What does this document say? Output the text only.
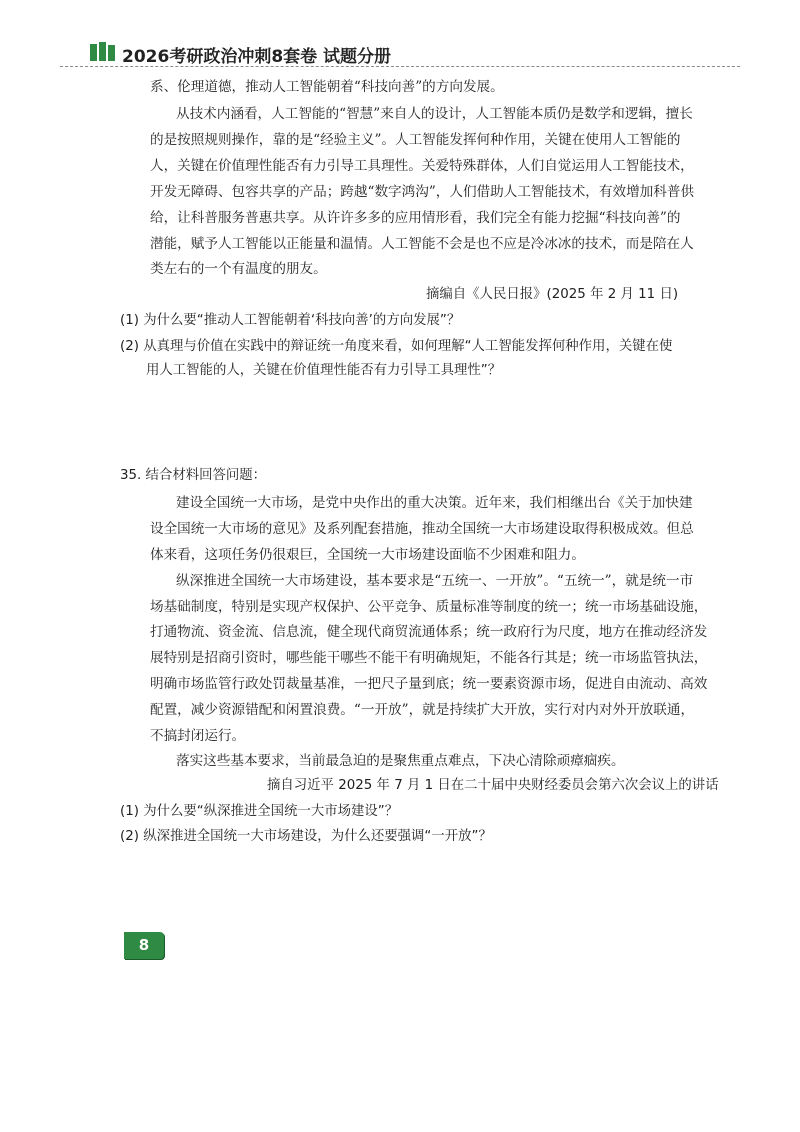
2026考研政治冲刺8套卷 试题分册
系、伦理道德，推动人工智能朝着“科技向善”的方向发展。
从技术内涵看，人工智能的“智慧”来自人的设计，人工智能本质仍是数学和逻辑，擅长
的是按照规则操作，靠的是“经验主义”。人工智能发挥何种作用，关键在使用人工智能的
人，关键在价值理性能否有力引导工具理性。关爱特殊群体，人们自觉运用人工智能技术，
开发无障碍、包容共享的产品；跨越“数字鸿沟”，人们借助人工智能技术，有效增加科普供
给，让科普服务普惠共享。从许许多多的应用情形看，我们完全有能力挖掘“科技向善”的
潜能，赋予人工智能以正能量和温情。人工智能不会是也不应是冷冰冰的技术，而是陪在人
类左右的一个有温度的朋友。
摘编自《人民日报》(2025 年 2 月 11 日)
(1) 为什么要“推动人工智能朝着‘科技向善’的方向发展”？
(2) 从真理与价值在实践中的辩证统一角度来看，如何理解“人工智能发挥何种作用，关键在使
用人工智能的人，关键在价值理性能否有力引导工具理性”？
35. 结合材料回答问题：
建设全国统一大市场，是党中央作出的重大决策。近年来，我们相继出台《关于加快建
设全国统一大市场的意见》及系列配套措施，推动全国统一大市场建设取得积极成效。但总
体来看，这项任务仍很艰巨，全国统一大市场建设面临不少困难和阻力。
纵深推进全国统一大市场建设，基本要求是“五统一、一开放”。“五统一”，就是统一市
场基础制度，特别是实现产权保护、公平竞争、质量标准等制度的统一；统一市场基础设施，
打通物流、资金流、信息流，健全现代商贸流通体系；统一政府行为尺度，地方在推动经济发
展特别是招商引资时，哪些能干哪些不能干有明确规矩，不能各行其是；统一市场监管执法，
明确市场监管行政处罚裁量基准，一把尺子量到底；统一要素资源市场，促进自由流动、高效
配置，减少资源错配和闲置浪费。“一开放”，就是持续扩大开放，实行对内对外开放联通，
不搞封闭运行。
落实这些基本要求，当前最急迫的是聚焦重点难点，下决心清除顽瘴痼疾。
摘自习近平 2025 年 7 月 1 日在二十届中央财经委员会第六次会议上的讲话
(1) 为什么要“纵深推进全国统一大市场建设”？
(2) 纵深推进全国统一大市场建设，为什么还要强调“一开放”？
8
